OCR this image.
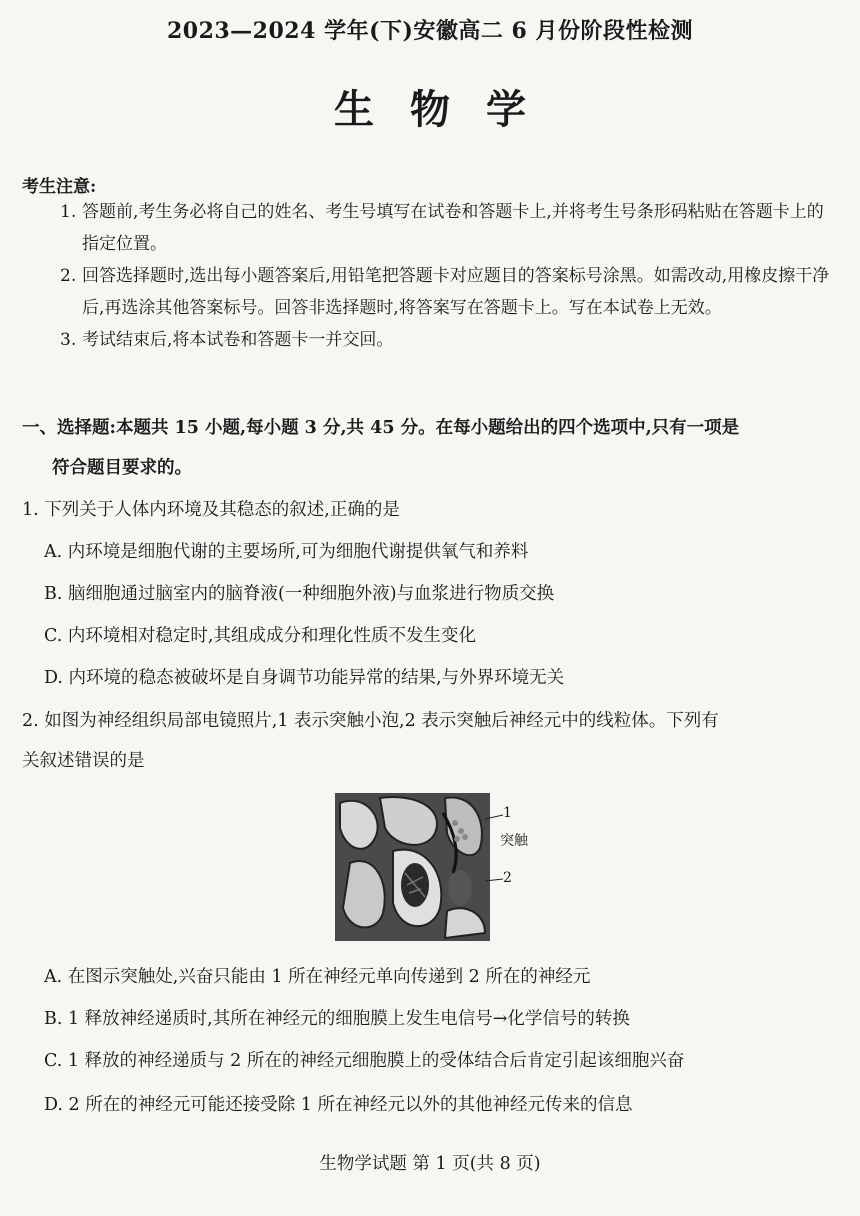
2023—2024 学年(下)安徽高二 6 月份阶段性检测
生物学
考生注意:
1. 答题前,考生务必将自己的姓名、考生号填写在试卷和答题卡上,并将考生号条形码粘贴在答题卡上的指定位置。
2. 回答选择题时,选出每小题答案后,用铅笔把答题卡对应题目的答案标号涂黑。如需改动,用橡皮擦干净后,再选涂其他答案标号。回答非选择题时,将答案写在答题卡上。写在本试卷上无效。
3. 考试结束后,将本试卷和答题卡一并交回。
一、选择题:本题共 15 小题,每小题 3 分,共 45 分。在每小题给出的四个选项中,只有一项是
符合题目要求的。
1. 下列关于人体内环境及其稳态的叙述,正确的是
A. 内环境是细胞代谢的主要场所,可为细胞代谢提供氧气和养料
B. 脑细胞通过脑室内的脑脊液(一种细胞外液)与血浆进行物质交换
C. 内环境相对稳定时,其组成成分和理化性质不发生变化
D. 内环境的稳态被破坏是自身调节功能异常的结果,与外界环境无关
2. 如图为神经组织局部电镜照片,1 表示突触小泡,2 表示突触后神经元中的线粒体。下列有
关叙述错误的是
1
突触
2
A. 在图示突触处,兴奋只能由 1 所在神经元单向传递到 2 所在的神经元
B. 1 释放神经递质时,其所在神经元的细胞膜上发生电信号→化学信号的转换
C. 1 释放的神经递质与 2 所在的神经元细胞膜上的受体结合后肯定引起该细胞兴奋
D. 2 所在的神经元可能还接受除 1 所在神经元以外的其他神经元传来的信息
生物学试题 第 1 页(共 8 页)
